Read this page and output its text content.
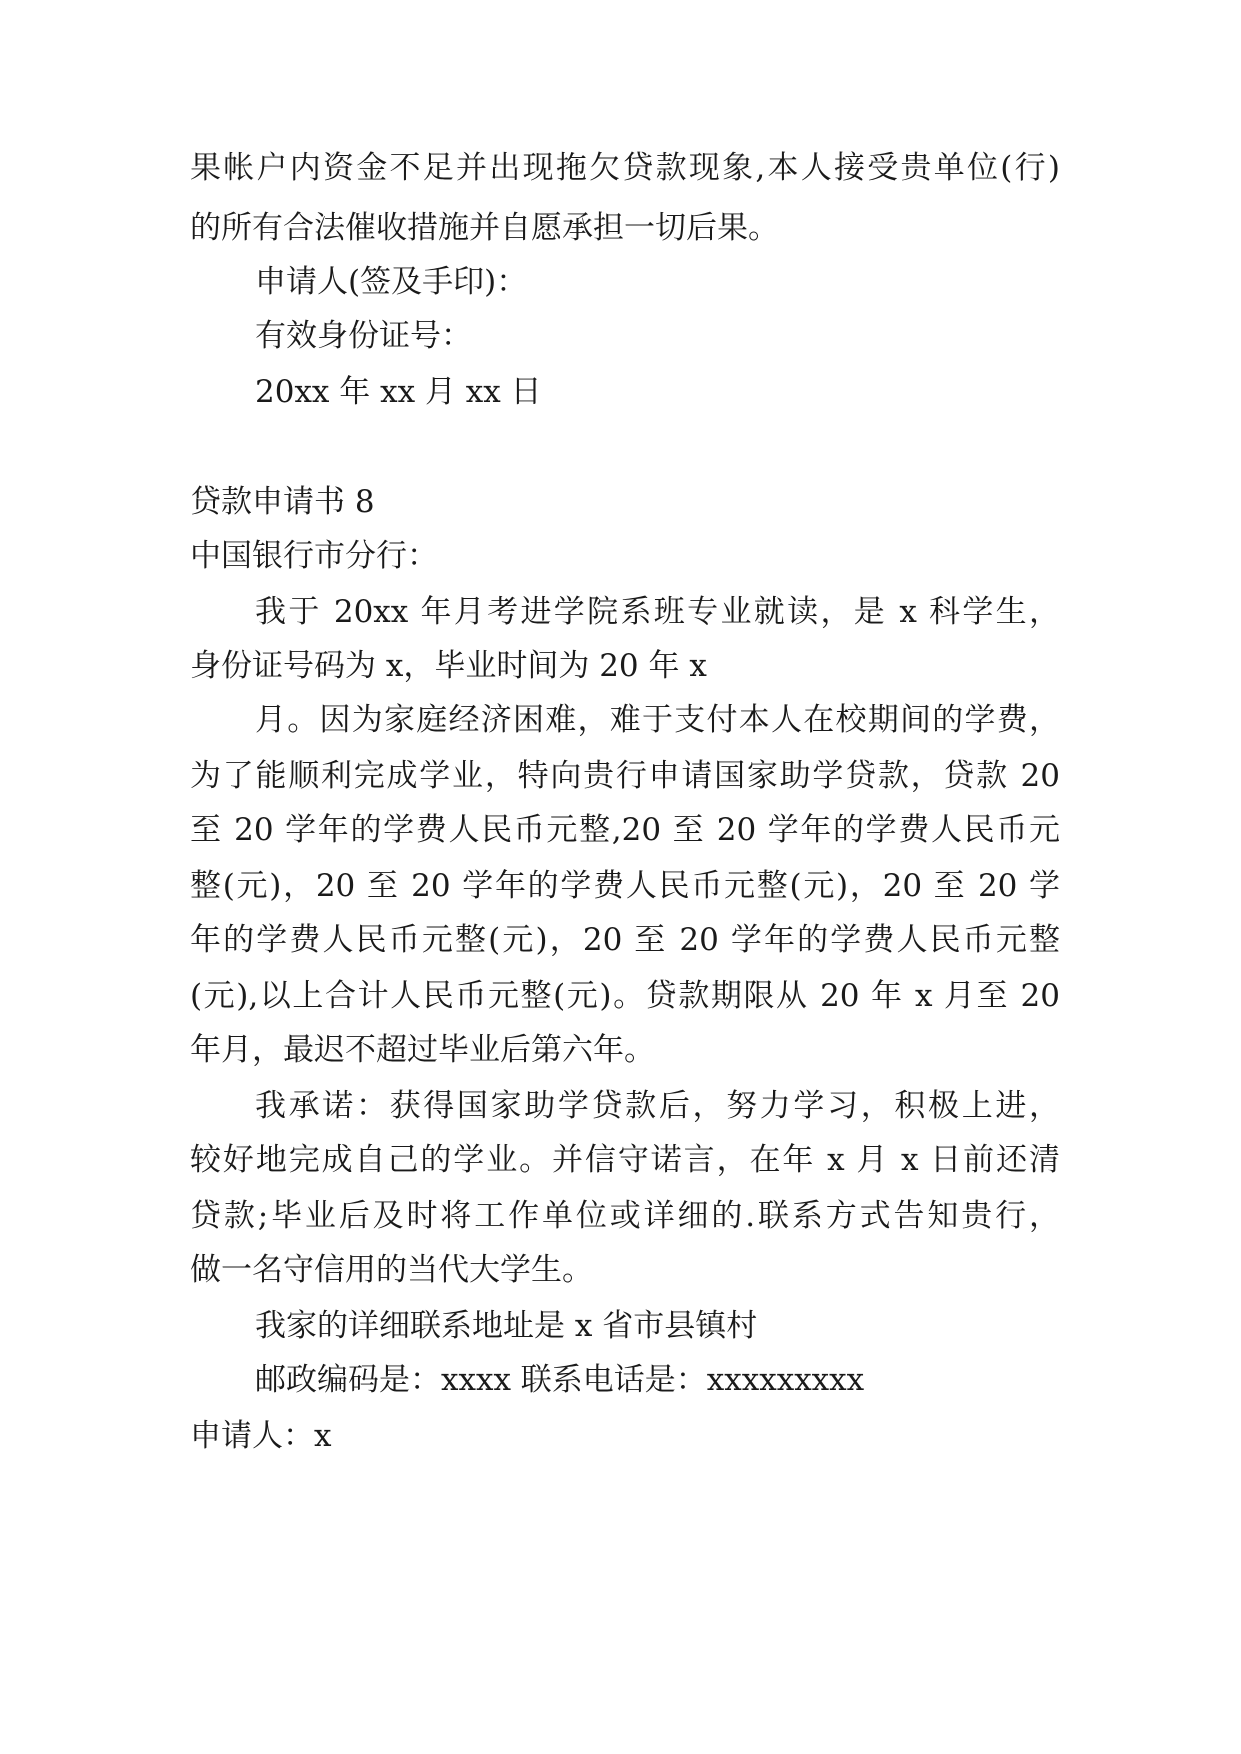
果帐户内资金不足并出现拖欠贷款现象,本人接受贵单位(行)
的所有合法催收措施并自愿承担一切后果。
申请人(签及手印)：
有效身份证号：
20xx 年 xx 月 xx 日
贷款申请书 8
中国银行市分行：
我于 20xx 年月考进学院系班专业就读，是 x 科学生，
身份证号码为 x，毕业时间为 20 年 x
月。因为家庭经济困难，难于支付本人在校期间的学费，
为了能顺利完成学业，特向贵行申请国家助学贷款，贷款 20
至 20 学年的学费人民币元整,20 至 20 学年的学费人民币元
整(元)，20 至 20 学年的学费人民币元整(元)，20 至 20 学
年的学费人民币元整(元)，20 至 20 学年的学费人民币元整
(元),以上合计人民币元整(元)。贷款期限从 20 年 x 月至 20
年月，最迟不超过毕业后第六年。
我承诺：获得国家助学贷款后，努力学习，积极上进，
较好地完成自己的学业。并信守诺言，在年 x 月 x 日前还清
贷款;毕业后及时将工作单位或详细的.联系方式告知贵行，
做一名守信用的当代大学生。
我家的详细联系地址是 x 省市县镇村
邮政编码是：xxxx 联系电话是：xxxxxxxxx
申请人：x
